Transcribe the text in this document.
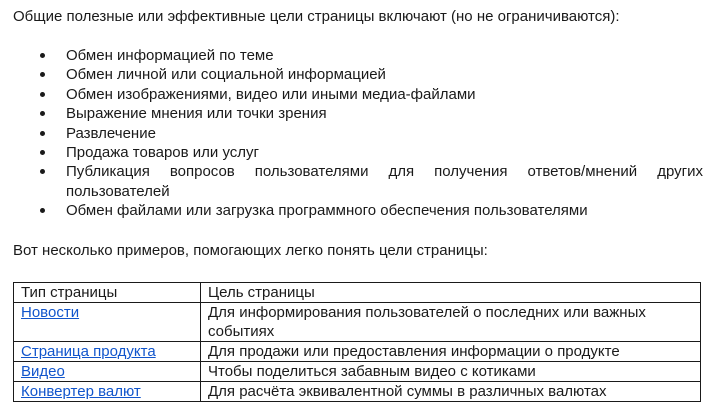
Общие полезные или эффективные цели страницы включают (но не ограничиваются):

Обмен информацией по теме
Обмен личной или социальной информацией
Обмен изображениями, видео или иными медиа-файлами
Выражение мнения или точки зрения
Развлечение
Продажа товаров или услуг
Публикация вопросов пользователями для получения ответов/мнений других пользователей
Обмен файлами или загрузка программного обеспечения пользователями

Вот несколько примеров, помогающих легко понять цели страницы:

Тип страницы	Цель страницы
Новости	Для информирования пользователей о последних или важных событиях
Страница продукта	Для продажи или предоставления информации о продукте
Видео	Чтобы поделиться забавным видео с котиками
Конвертер валют	Для расчёта эквивалентной суммы в различных валютах
